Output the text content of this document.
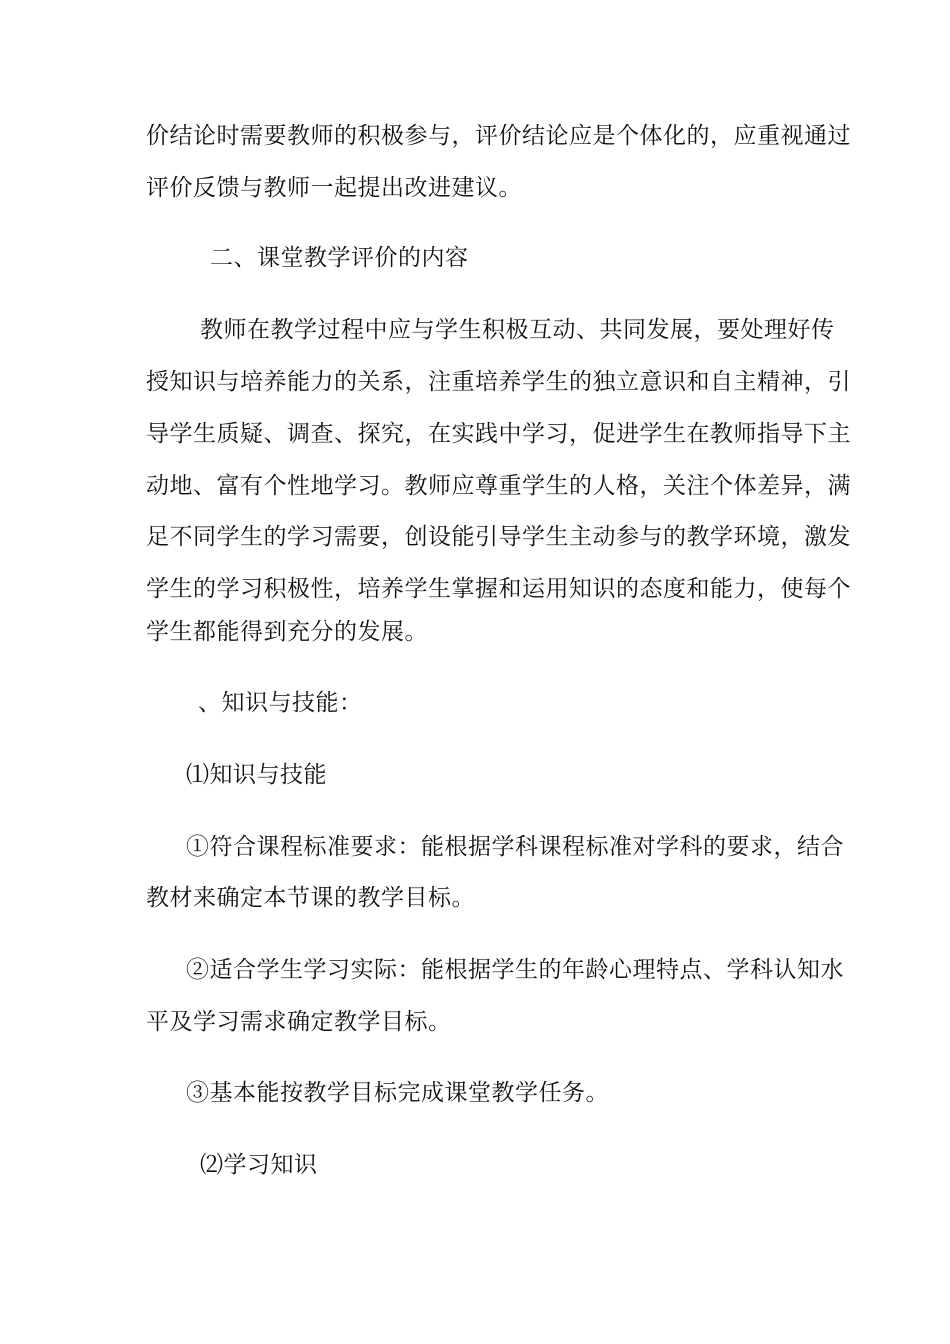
价结论时需要教师的积极参与，评价结论应是个体化的，应重视通过
评价反馈与教师一起提出改进建议。
二、课堂教学评价的内容
教师在教学过程中应与学生积极互动、共同发展，要处理好传
授知识与培养能力的关系，注重培养学生的独立意识和自主精神，引
导学生质疑、调查、探究，在实践中学习，促进学生在教师指导下主
动地、富有个性地学习。教师应尊重学生的人格，关注个体差异，满
足不同学生的学习需要，创设能引导学生主动参与的教学环境，激发
学生的学习积极性，培养学生掌握和运用知识的态度和能力，使每个
学生都能得到充分的发展。
、知识与技能：
⑴知识与技能
①符合课程标准要求：能根据学科课程标准对学科的要求，结合
教材来确定本节课的教学目标。
②适合学生学习实际：能根据学生的年龄心理特点、学科认知水
平及学习需求确定教学目标。
③基本能按教学目标完成课堂教学任务。
⑵学习知识
